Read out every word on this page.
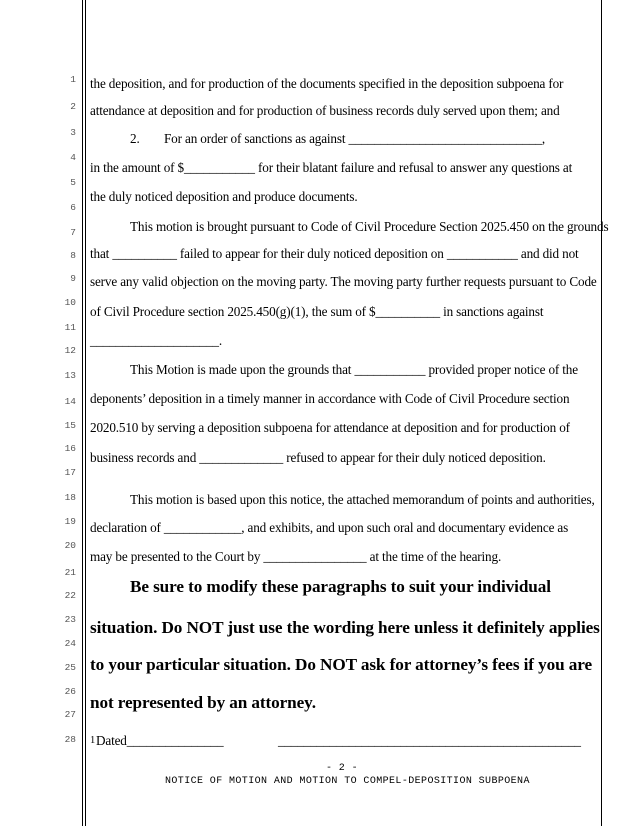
1
2
3
4
5
6
7
8
9
10
11
12
13
14
15
16
17
18
19
20
21
22
23
24
25
26
27
28
the deposition, and for production of the documents specified in the deposition subpoena for
attendance at deposition and for production of business records duly served upon them; and
2. For an order of sanctions as against ______________________________,
in the amount of $___________ for their blatant failure and refusal to answer any questions at
the duly noticed deposition and produce documents.
This motion is brought pursuant to Code of Civil Procedure Section 2025.450 on the grounds
that __________ failed to appear for their duly noticed deposition on ___________ and did not
serve any valid objection on the moving party. The moving party further requests pursuant to Code
of Civil Procedure section 2025.450(g)(1), the sum of $__________ in sanctions against
____________________.
This Motion is made upon the grounds that ___________ provided proper notice of the
deponents’ deposition in a timely manner in accordance with Code of Civil Procedure section
2020.510 by serving a deposition subpoena for attendance at deposition and for production of
business records and _____________ refused to appear for their duly noticed deposition.
This motion is based upon this notice, the attached memorandum of points and authorities,
declaration of ____________, and exhibits, and upon such oral and documentary evidence as
may be presented to the Court by ________________ at the time of the hearing.
Be sure to modify these paragraphs to suit your individual
situation. Do NOT just use the wording here unless it definitely applies
to your particular situation. Do NOT ask for attorney’s fees if you are
not represented by an attorney.
1 Dated_______________	_______________________________________________
- 2 -
NOTICE OF MOTION AND MOTION TO COMPEL-DEPOSITION SUBPOENA
